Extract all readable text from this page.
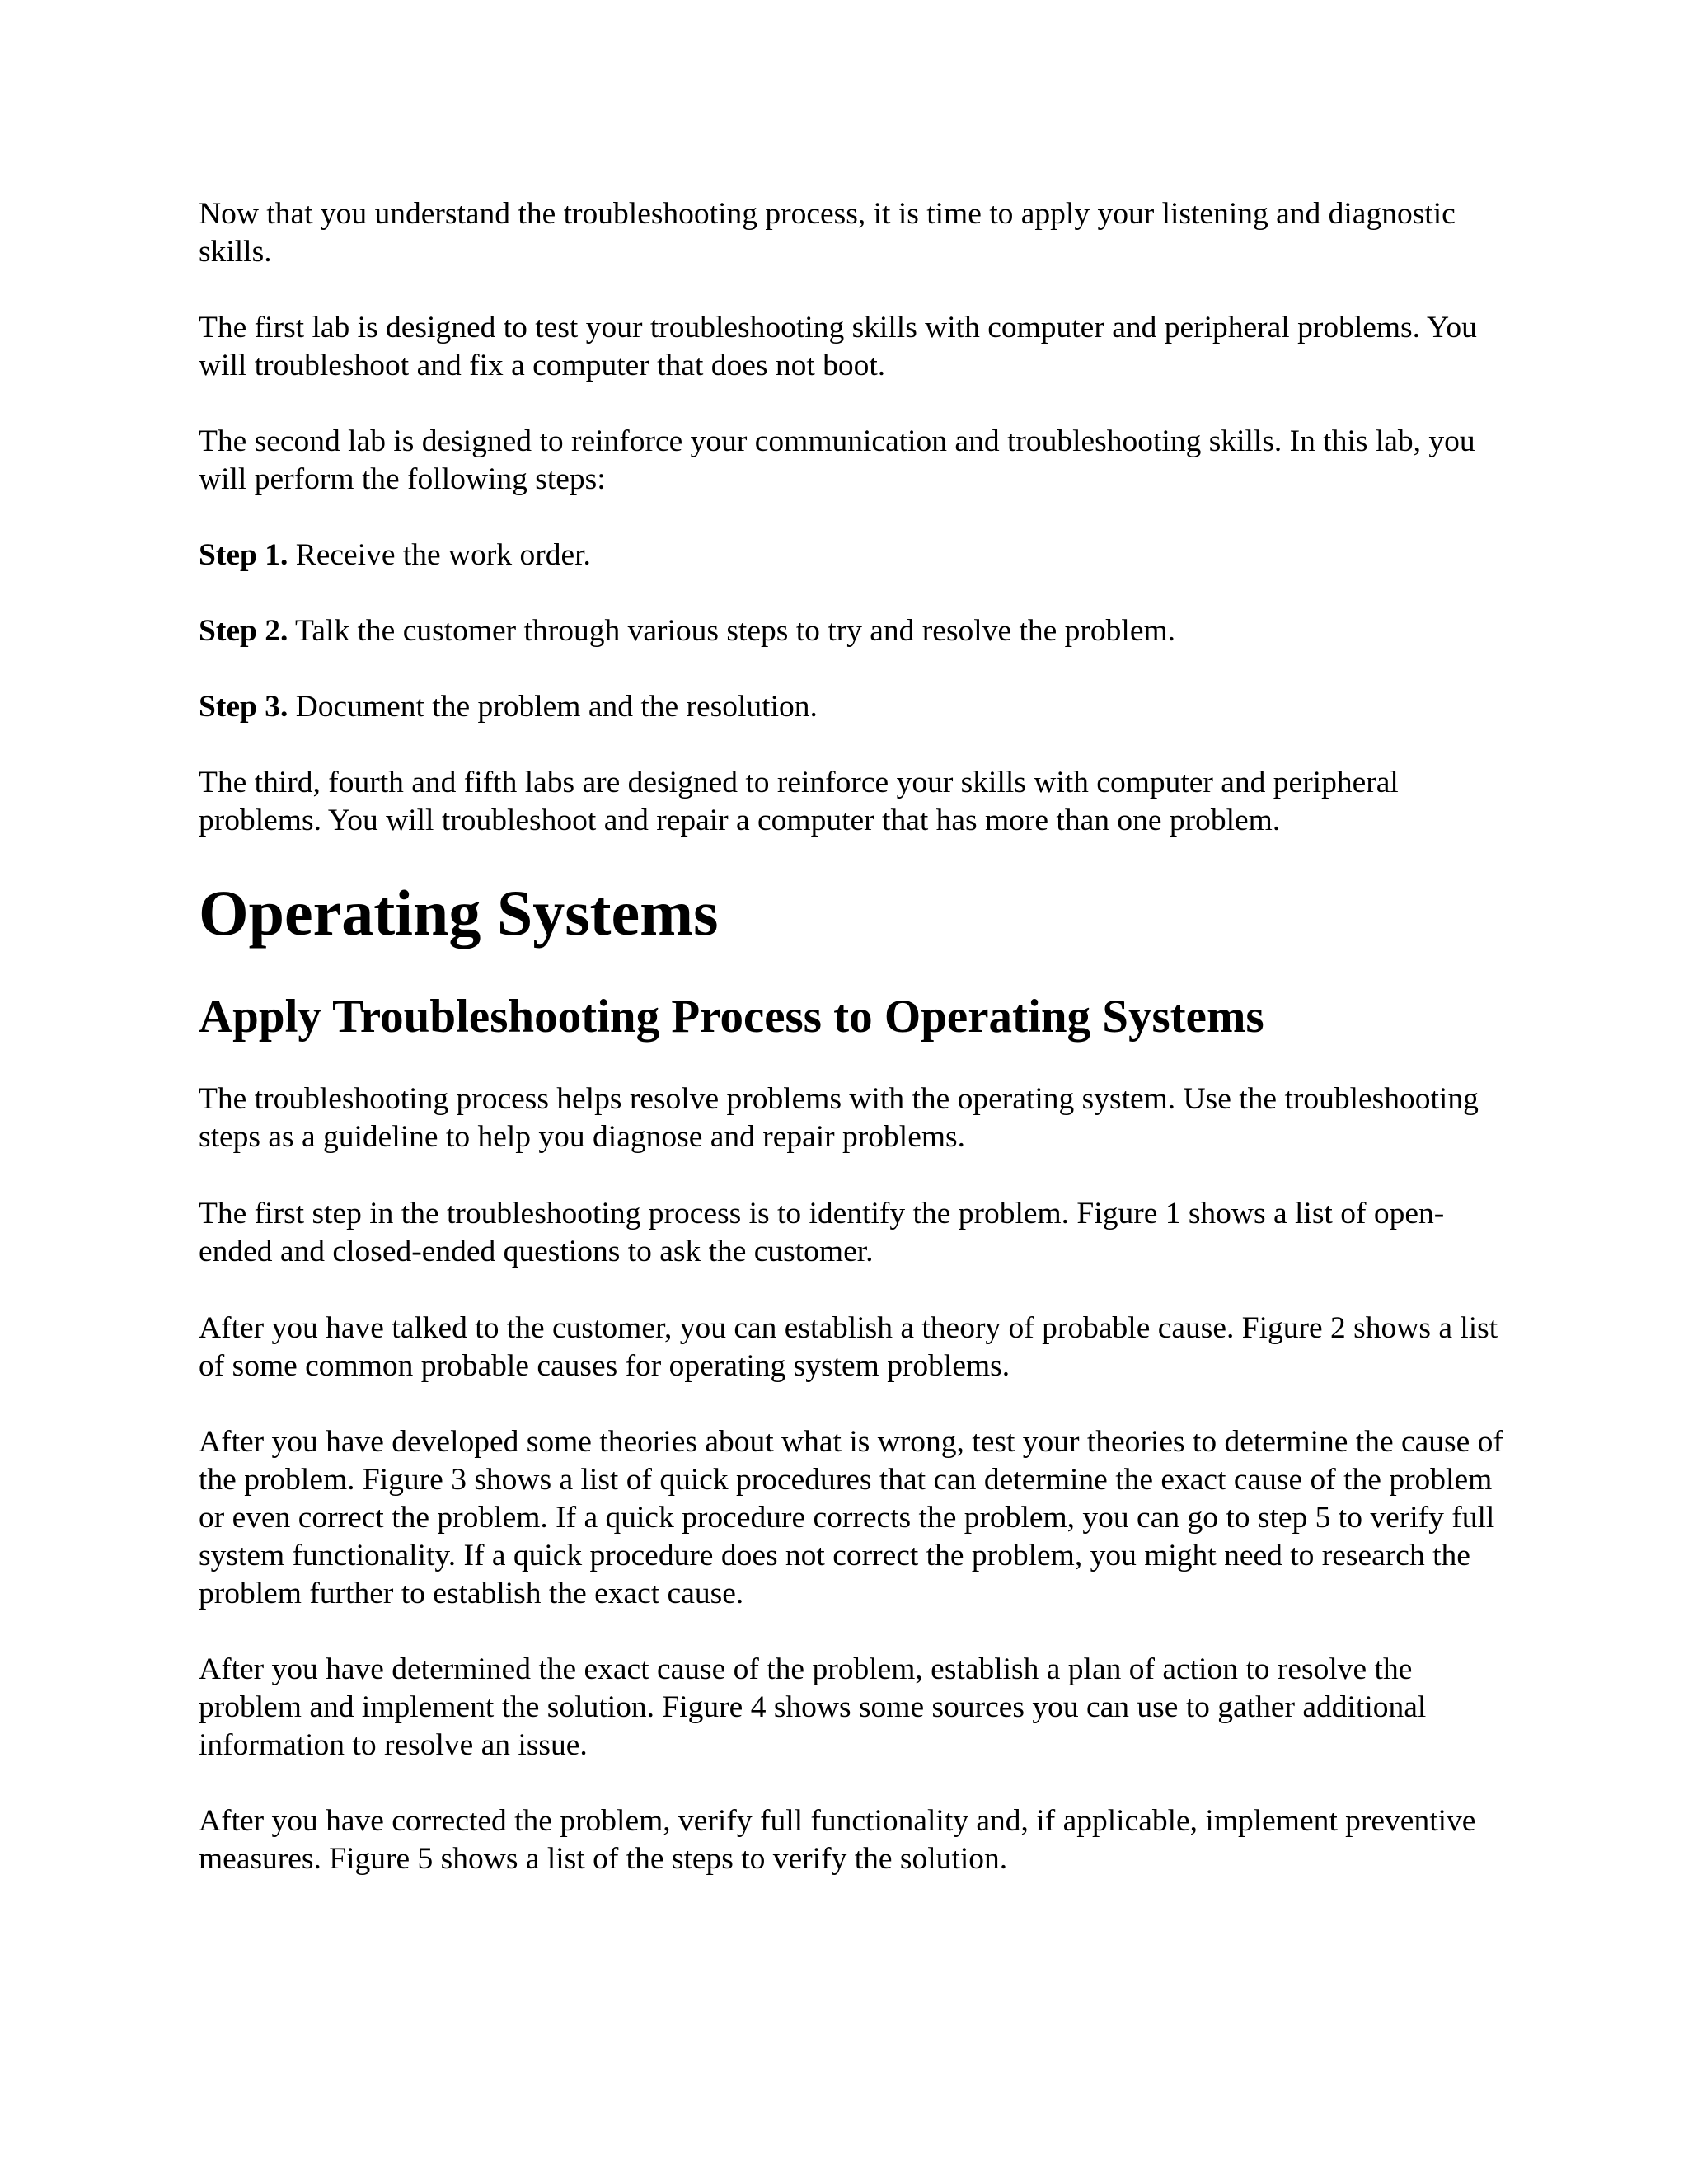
Now that you understand the troubleshooting process, it is time to apply your listening and diagnostic skills.

The first lab is designed to test your troubleshooting skills with computer and peripheral problems. You will troubleshoot and fix a computer that does not boot.

The second lab is designed to reinforce your communication and troubleshooting skills. In this lab, you will perform the following steps:

Step 1. Receive the work order.

Step 2. Talk the customer through various steps to try and resolve the problem.

Step 3. Document the problem and the resolution.

The third, fourth and fifth labs are designed to reinforce your skills with computer and peripheral problems. You will troubleshoot and repair a computer that has more than one problem.

Operating Systems
Apply Troubleshooting Process to Operating Systems

The troubleshooting process helps resolve problems with the operating system. Use the troubleshooting steps as a guideline to help you diagnose and repair problems.

The first step in the troubleshooting process is to identify the problem. Figure 1 shows a list of open-ended and closed-ended questions to ask the customer.

After you have talked to the customer, you can establish a theory of probable cause. Figure 2 shows a list of some common probable causes for operating system problems.

After you have developed some theories about what is wrong, test your theories to determine the cause of the problem. Figure 3 shows a list of quick procedures that can determine the exact cause of the problem or even correct the problem. If a quick procedure corrects the problem, you can go to step 5 to verify full system functionality. If a quick procedure does not correct the problem, you might need to research the problem further to establish the exact cause.

After you have determined the exact cause of the problem, establish a plan of action to resolve the problem and implement the solution. Figure 4 shows some sources you can use to gather additional information to resolve an issue.

After you have corrected the problem, verify full functionality and, if applicable, implement preventive measures. Figure 5 shows a list of the steps to verify the solution.
